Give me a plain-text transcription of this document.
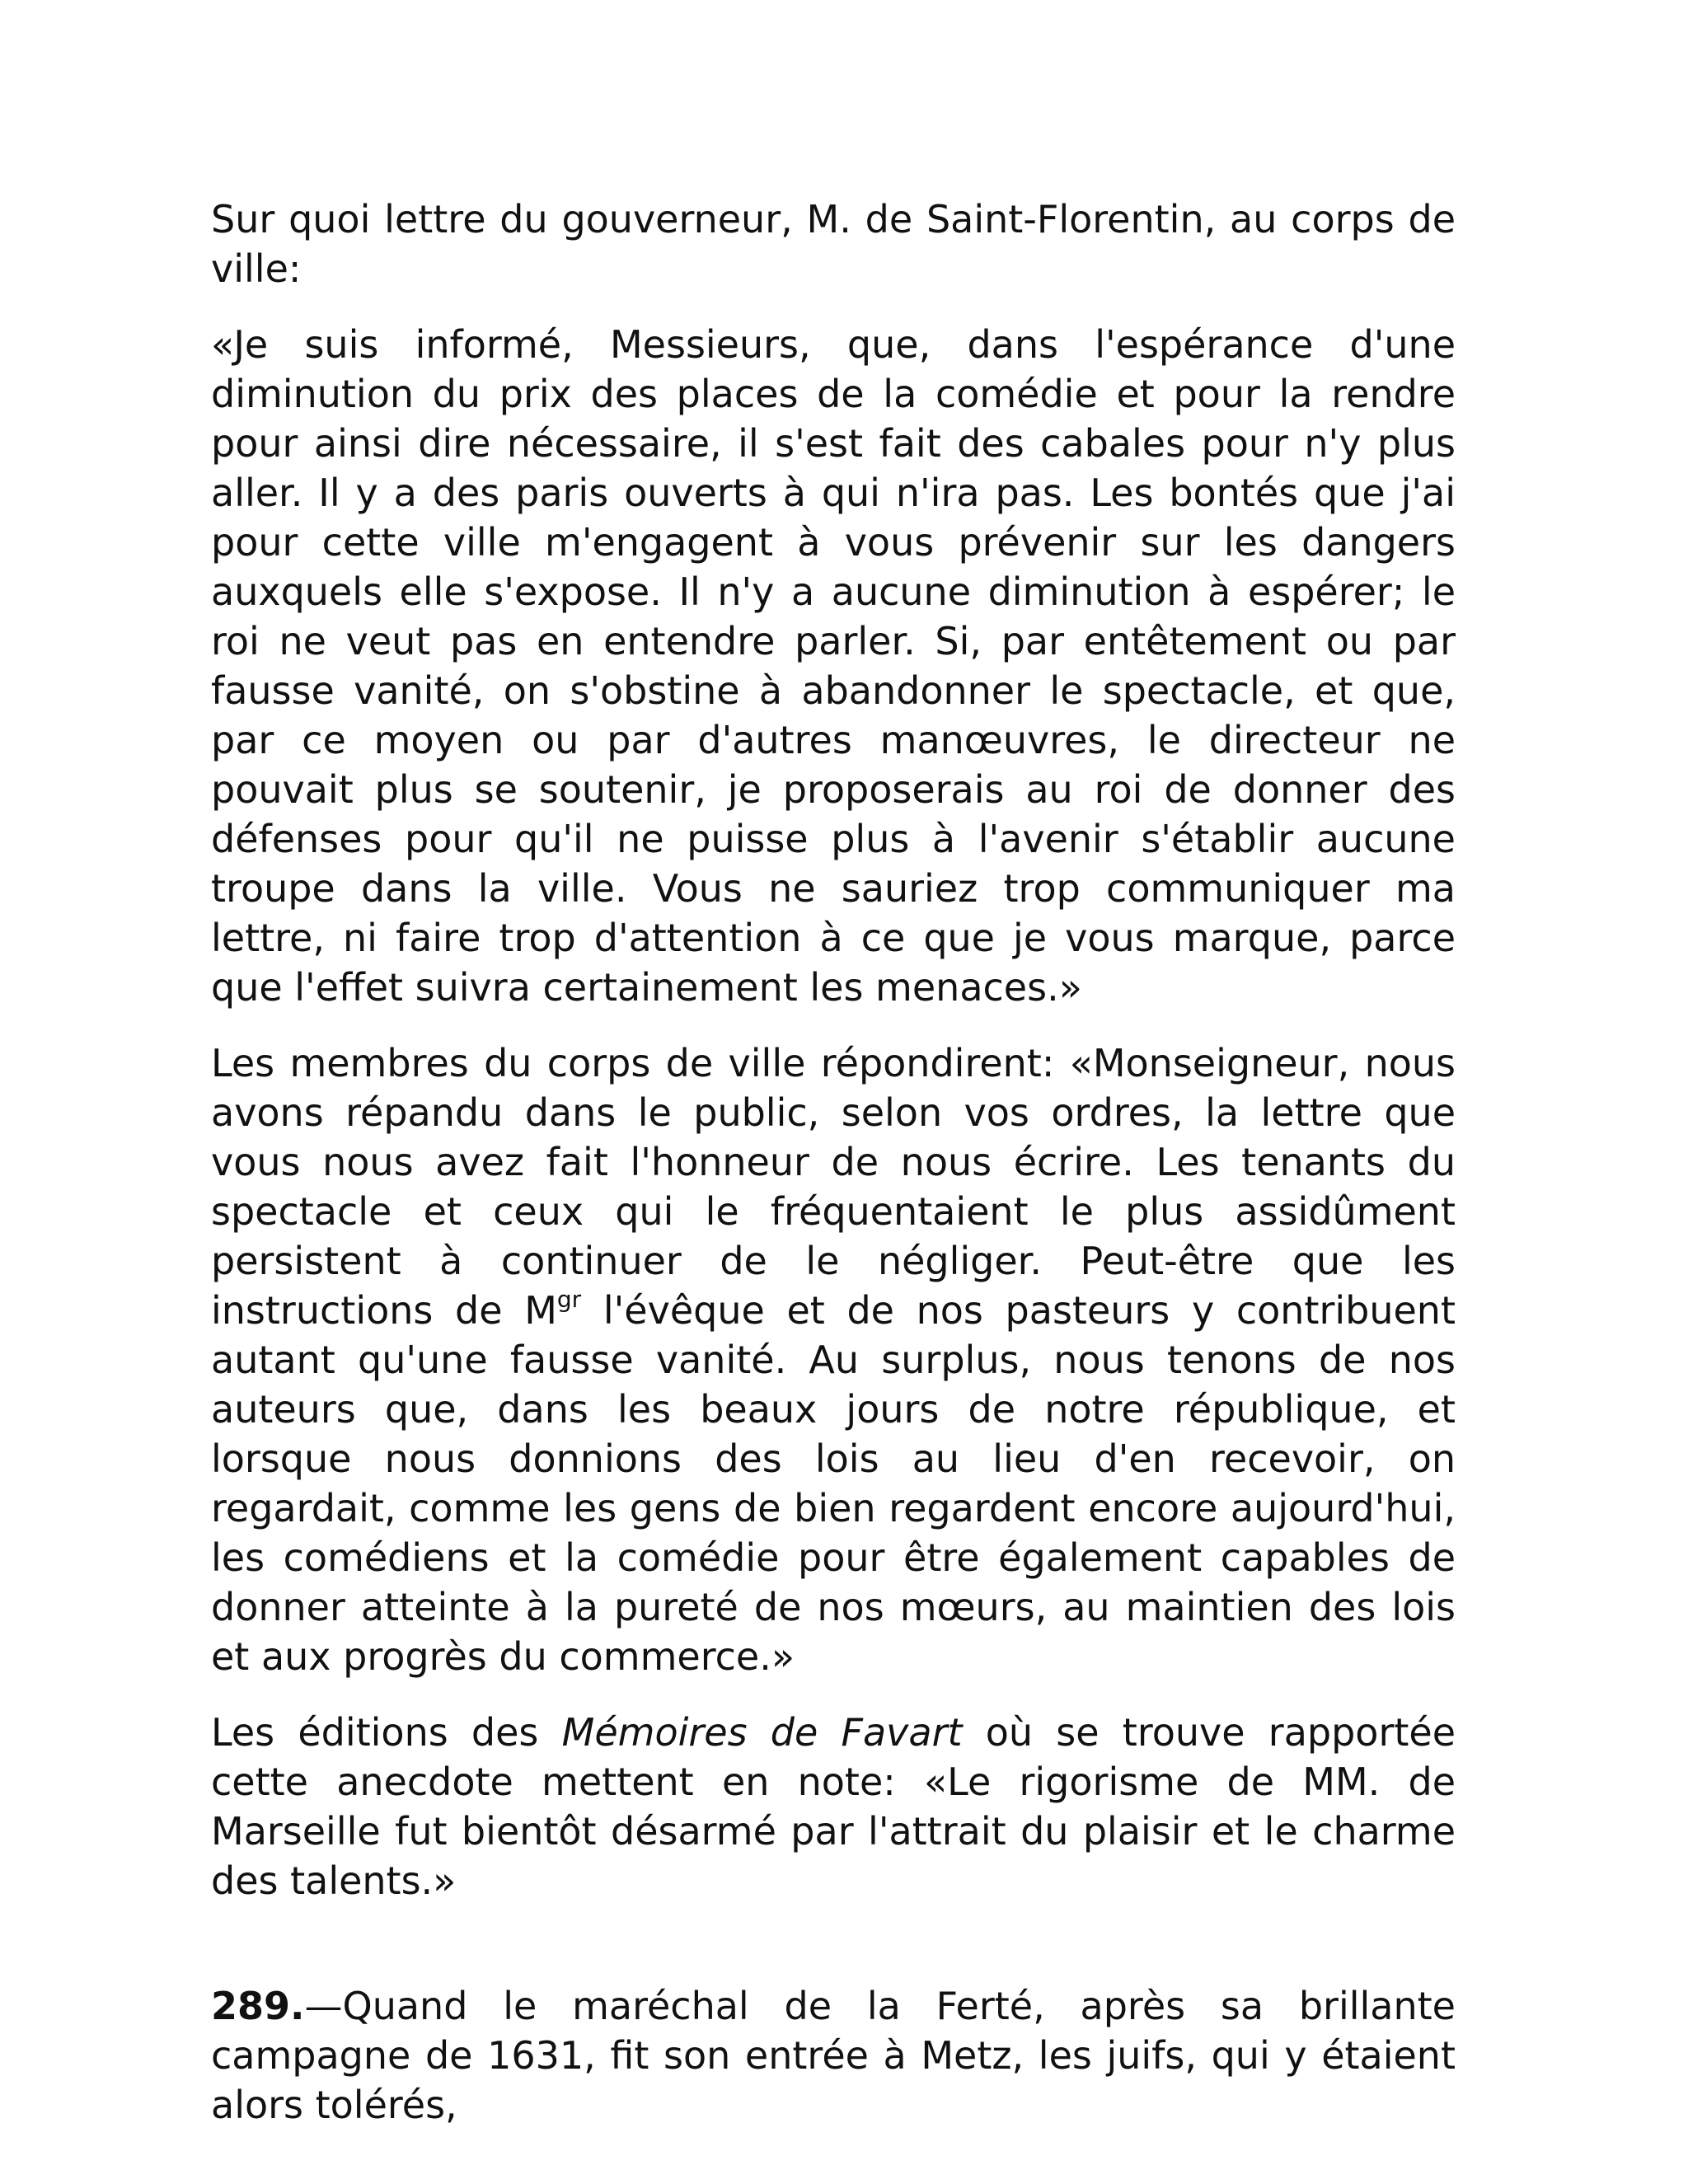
Sur quoi lettre du gouverneur, M. de Saint-Florentin, au corps de ville:

«Je suis informé, Messieurs, que, dans l'espérance d'une diminution du prix des places de la comédie et pour la rendre pour ainsi dire nécessaire, il s'est fait des cabales pour n'y plus aller. Il y a des paris ouverts à qui n'ira pas. Les bontés que j'ai pour cette ville m'engagent à vous prévenir sur les dangers auxquels elle s'expose. Il n'y a aucune diminution à espérer; le roi ne veut pas en entendre parler. Si, par entêtement ou par fausse vanité, on s'obstine à abandonner le spectacle, et que, par ce moyen ou par d'autres manœuvres, le directeur ne pouvait plus se soutenir, je proposerais au roi de donner des défenses pour qu'il ne puisse plus à l'avenir s'établir aucune troupe dans la ville. Vous ne sauriez trop communiquer ma lettre, ni faire trop d'attention à ce que je vous marque, parce que l'effet suivra certainement les menaces.»

Les membres du corps de ville répondirent: «Monseigneur, nous avons répandu dans le public, selon vos ordres, la lettre que vous nous avez fait l'honneur de nous écrire. Les tenants du spectacle et ceux qui le fréquentaient le plus assidûment persistent à continuer de le négliger. Peut-être que les instructions de $M^{gr}$ l'évêque et de nos pasteurs y contribuent autant qu'une fausse vanité. Au surplus, nous tenons de nos auteurs que, dans les beaux jours de notre république, et lorsque nous donnions des lois au lieu d'en recevoir, on regardait, comme les gens de bien regardent encore aujourd'hui, les comédiens et la comédie pour être également capables de donner atteinte à la pureté de nos mœurs, au maintien des lois et aux progrès du commerce.»

Les éditions des Mémoires de Favart où se trouve rapportée cette anecdote mettent en note: «Le rigorisme de MM. de Marseille fut bientôt désarmé par l'attrait du plaisir et le charme des talents.»

289.—Quand le maréchal de la Ferté, après sa brillante campagne de 1631, fit son entrée à Metz, les juifs, qui y étaient alors tolérés,
